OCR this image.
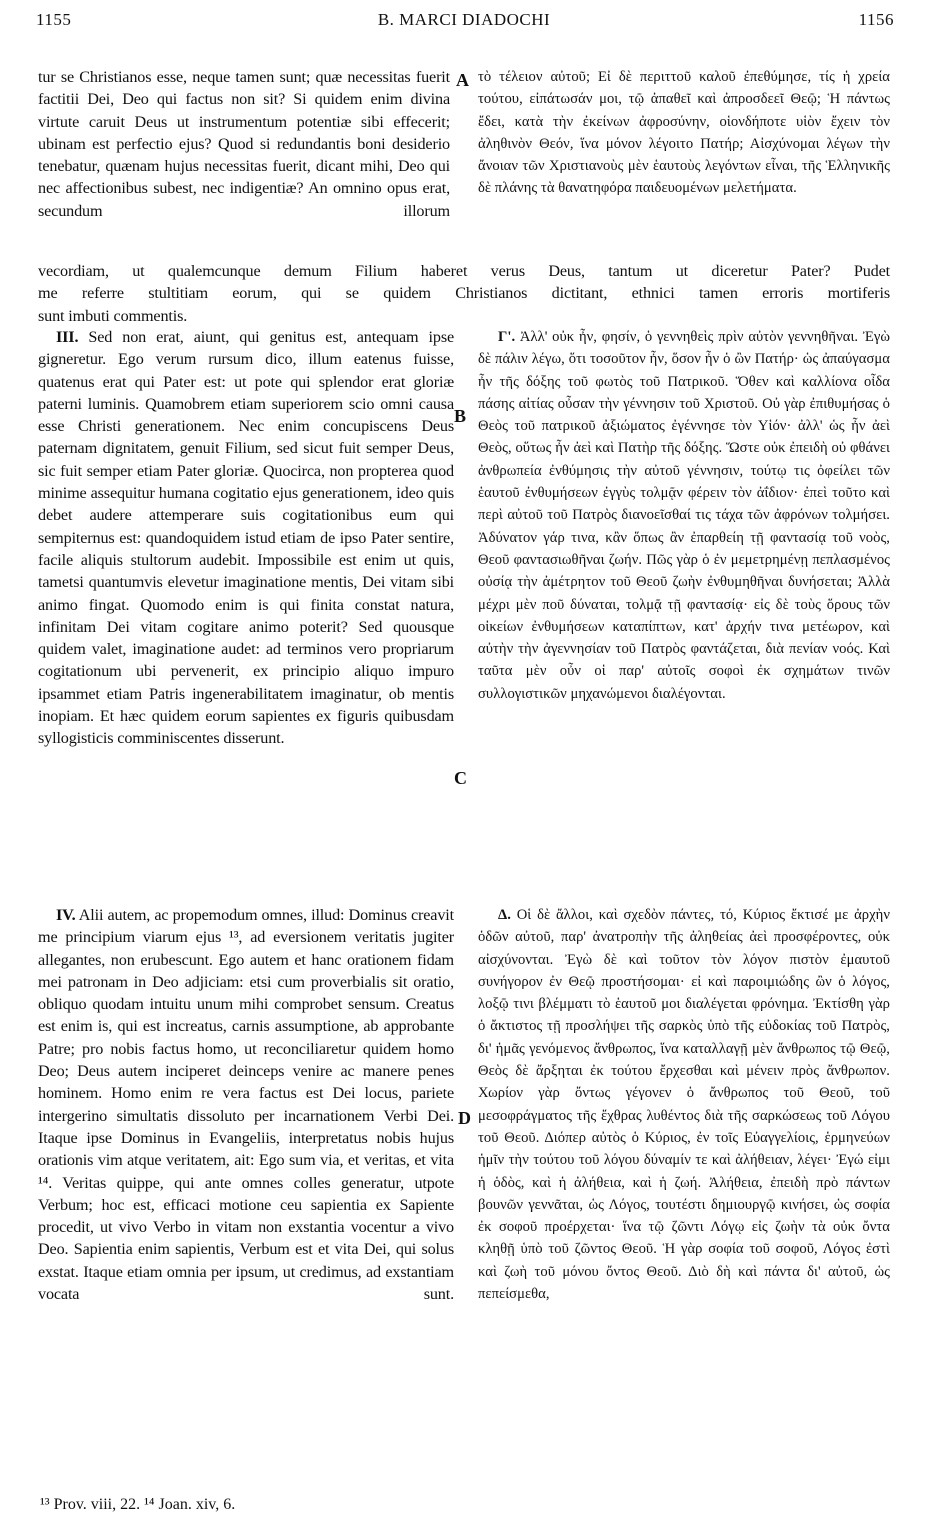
1155	B. MARCI DIADOCHI	1156

tur se Christianos esse, neque tamen sunt; quæ necessitas fuerit factitii Dei, Deo qui factus non sit? Si quidem enim divina virtute caruit Deus ut instrumentum potentiæ sibi effecerit; ubinam est perfectio ejus? Quod si redundantis boni desiderio tenebatur, quænam hujus necessitas fuerit, dicant mihi, Deo qui nec affectionibus subest, nec indigentiæ? An omnino opus erat, secundum illorum

τὸ τέλειον αὐτοῦ; Εἰ δὲ περιττοῦ καλοῦ ἐπεθύμησε, τίς ἡ χρεία τούτου, εἰπάτωσάν μοι, τῷ ἀπαθεῖ καὶ ἀπροσδεεῖ Θεῷ; Ἡ πάντως ἔδει, κατὰ τὴν ἐκείνων ἀφροσύνην, οἱονδήποτε υἱὸν ἔχειν τὸν ἀληθινὸν Θεόν, ἵνα μόνον λέγοιτο Πατήρ; Αἰσχύνομαι λέγων τὴν ἄνοιαν τῶν Χριστιανοὺς μὲν ἑαυτοὺς λεγόντων εἶναι, τῆς Ἑλληνικῆς δὲ πλάνης τὰ θανατηφόρα παιδευομένων μελετήματα.

vecordiam, ut qualemcunque demum Filium haberet verus Deus, tantum ut diceretur Pater? Pudet

me referre stultitiam eorum, qui se quidem Christianos dictitant, ethnici tamen erroris mortiferis

sunt imbuti commentis.

III. Sed non erat, aiunt, qui genitus est, antequam ipse gigneretur. Ego verum rursum dico, illum eatenus fuisse, quatenus erat qui Pater est: ut pote qui splendor erat gloriæ paterni luminis. Quamobrem etiam superiorem scio omni causa esse Christi generationem. Nec enim concupiscens Deus paternam dignitatem, genuit Filium, sed sicut fuit semper Deus, sic fuit semper etiam Pater gloriæ. Quocirca, non propterea quod minime assequitur humana cogitatio ejus generationem, ideo quis debet audere attemperare suis cogitationibus eum qui sempiternus est: quandoquidem istud etiam de ipso Pater sentire, facile aliquis stultorum audebit. Impossibile est enim ut quis, tametsi quantumvis elevetur imaginatione mentis, Dei vitam sibi animo fingat. Quomodo enim is qui finita constat natura, infinitam Dei vitam cogitare animo poterit? Sed quousque quidem valet, imaginatione audet: ad terminos vero propriarum cogitationum ubi pervenerit, ex principio aliquo impuro ipsammet etiam Patris ingenerabilitatem imaginatur, ob mentis inopiam. Et hæc quidem eorum sapientes ex figuris quibusdam syllogisticis comminiscentes disserunt.

Γ'. Ἀλλ' οὐκ ἦν, φησίν, ὁ γεννηθεὶς πρὶν αὐτὸν γεννηθῆναι. Ἐγὼ δὲ πάλιν λέγω, ὅτι τοσοῦτον ἦν, ὅσον ἦν ὁ ὢν Πατήρ· ὡς ἀπαύγασμα ἦν τῆς δόξης τοῦ φωτὸς τοῦ Πατρικοῦ. Ὅθεν καὶ καλλίονα οἶδα πάσης αἰτίας οὖσαν τὴν γέννησιν τοῦ Χριστοῦ. Οὐ γὰρ ἐπιθυμήσας ὁ Θεὸς τοῦ πατρικοῦ ἀξιώματος ἐγέννησε τὸν Υἱόν· ἀλλ' ὡς ἦν ἀεὶ Θεὸς, οὕτως ἦν ἀεὶ καὶ Πατὴρ τῆς δόξης. Ὥστε οὐκ ἐπειδὴ οὐ φθάνει ἀνθρωπεία ἐνθύμησις τὴν αὐτοῦ γέννησιν, τούτῳ τις ὀφείλει τῶν ἑαυτοῦ ἐνθυμήσεων ἐγγὺς τολμᾷν φέρειν τὸν ἀΐδιον· ἐπεὶ τοῦτο καὶ περὶ αὐτοῦ τοῦ Πατρὸς διανοεῖσθαί τις τάχα τῶν ἀφρόνων τολμήσει. Ἀδύνατον γάρ τινα, κἂν ὅπως ἂν ἐπαρθείη τῇ φαντασίᾳ τοῦ νοὸς, Θεοῦ φαντασιωθῆναι ζωήν. Πῶς γὰρ ὁ ἐν μεμετρημένῃ πεπλασμένος οὐσίᾳ τὴν ἀμέτρητον τοῦ Θεοῦ ζωὴν ἐνθυμηθῆναι δυνήσεται; Ἀλλὰ μέχρι μὲν ποῦ δύναται, τολμᾷ τῇ φαντασίᾳ· εἰς δὲ τοὺς ὅρους τῶν οἰκείων ἐνθυμήσεων καταπίπτων, κατ' ἀρχήν τινα μετέωρον, καὶ αὐτὴν τὴν ἀγεννησίαν τοῦ Πατρὸς φαντάζεται, διὰ πενίαν νοός. Καὶ ταῦτα μὲν οὖν οἱ παρ' αὐτοῖς σοφοὶ ἐκ σχημάτων τινῶν συλλογιστικῶν μηχανώμενοι διαλέγονται.

IV. Alii autem, ac propemodum omnes, illud: Dominus creavit me principium viarum ejus ¹³, ad eversionem veritatis jugiter allegantes, non erubescunt. Ego autem et hanc orationem fidam mei patronam in Deo adjiciam: etsi cum proverbialis sit oratio, obliquo quodam intuitu unum mihi comprobet sensum. Creatus est enim is, qui est increatus, carnis assumptione, ab approbante Patre; pro nobis factus homo, ut reconciliaretur quidem homo Deo; Deus autem inciperet deinceps venire ac manere penes hominem. Homo enim re vera factus est Dei locus, pariete intergerino simultatis dissoluto per incarnationem Verbi Dei. Itaque ipse Dominus in Evangeliis, interpretatus nobis hujus orationis vim atque veritatem, ait: Ego sum via, et veritas, et vita ¹⁴. Veritas quippe, qui ante omnes colles generatur, utpote Verbum; hoc est, efficaci motione ceu sapientia ex Sapiente procedit, ut vivo Verbo in vitam non exstantia vocentur a vivo Deo. Sapientia enim sapientis, Verbum est et vita Dei, qui solus exstat. Itaque etiam omnia per ipsum, ut credimus, ad exstantiam vocata sunt.

Δ. Οἱ δὲ ἄλλοι, καὶ σχεδὸν πάντες, τό, Κύριος ἔκτισέ με ἀρχὴν ὁδῶν αὐτοῦ, παρ' ἀνατροπὴν τῆς ἀληθείας ἀεὶ προσφέροντες, οὐκ αἰσχύνονται. Ἐγὼ δὲ καὶ τοῦτον τὸν λόγον πιστὸν ἐμαυτοῦ συνήγορον ἐν Θεῷ προστήσομαι· εἰ καὶ παροιμιώδης ὢν ὁ λόγος, λοξῷ τινι βλέμματι τὸ ἑαυτοῦ μοι διαλέγεται φρόνημα. Ἐκτίσθη γὰρ ὁ ἄκτιστος τῇ προσλήψει τῆς σαρκὸς ὑπὸ τῆς εὐδοκίας τοῦ Πατρὸς, δι' ἡμᾶς γενόμενος ἄνθρωπος, ἵνα καταλλαγῇ μὲν ἄνθρωπος τῷ Θεῷ, Θεὸς δὲ ἄρξηται ἐκ τούτου ἔρχεσθαι καὶ μένειν πρὸς ἄνθρωπον. Χωρίον γὰρ ὄντως γέγονεν ὁ ἄνθρωπος τοῦ Θεοῦ, τοῦ μεσοφράγματος τῆς ἔχθρας λυθέντος διὰ τῆς σαρκώσεως τοῦ Λόγου τοῦ Θεοῦ. Διόπερ αὐτὸς ὁ Κύριος, ἐν τοῖς Εὐαγγελίοις, ἑρμηνεύων ἡμῖν τὴν τούτου τοῦ λόγου δύναμίν τε καὶ ἀλήθειαν, λέγει· Ἐγώ εἰμι ἡ ὁδὸς, καὶ ἡ ἀλήθεια, καὶ ἡ ζωή. Ἀλήθεια, ἐπειδὴ πρὸ πάντων βουνῶν γεννᾶται, ὡς Λόγος, τουτέστι δημιουργῷ κινήσει, ὡς σοφία ἐκ σοφοῦ προέρχεται· ἵνα τῷ ζῶντι Λόγῳ εἰς ζωὴν τὰ οὐκ ὄντα κληθῇ ὑπὸ τοῦ ζῶντος Θεοῦ. Ἡ γὰρ σοφία τοῦ σοφοῦ, Λόγος ἐστὶ καὶ ζωὴ τοῦ μόνου ὄντος Θεοῦ. Διὸ δὴ καὶ πάντα δι' αὐτοῦ, ὡς πεπείσμεθα,

A
B
C
D
¹³ Prov. viii, 22. ¹⁴ Joan. xiv, 6.
